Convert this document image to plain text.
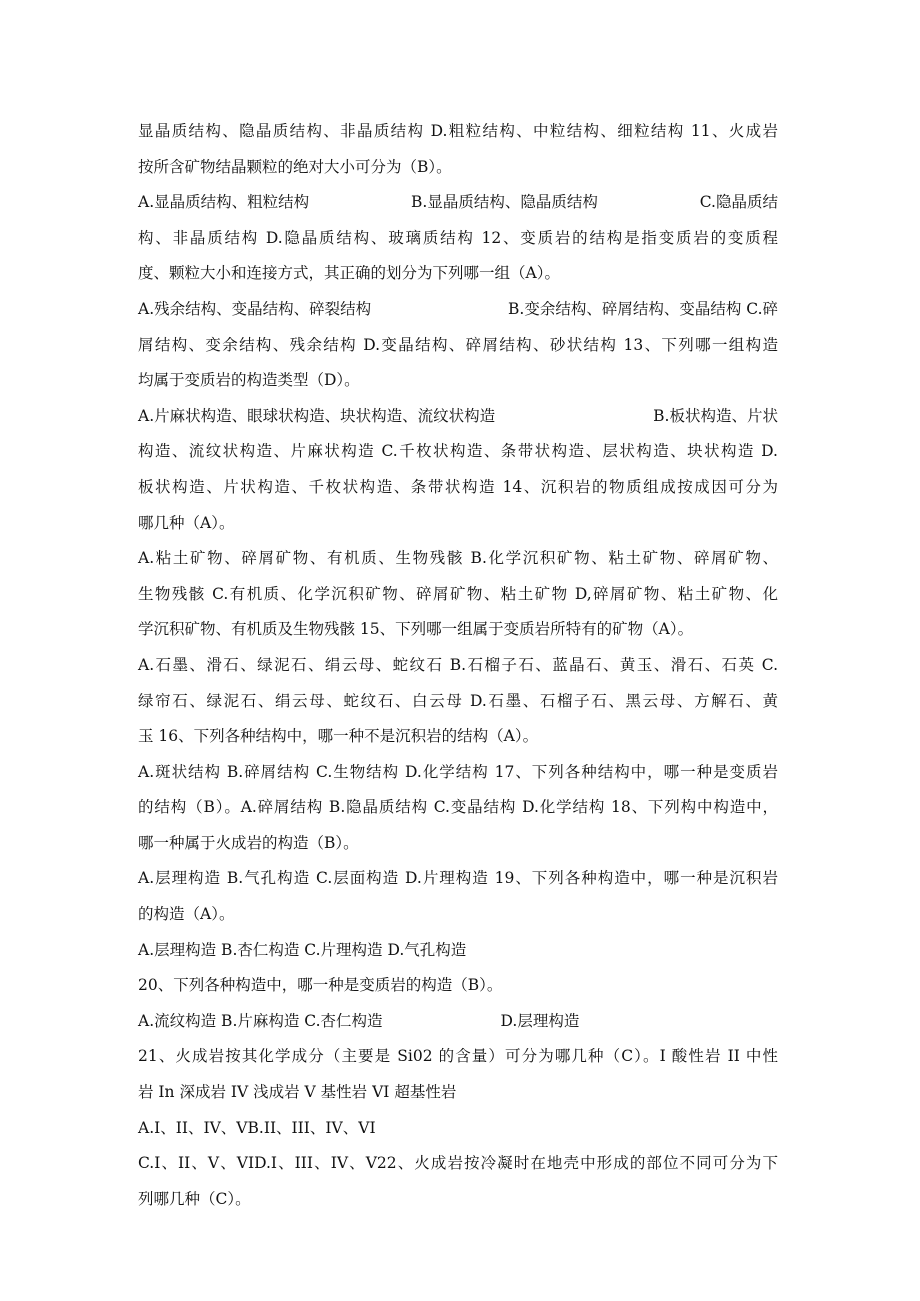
显晶质结构、隐晶质结构、非晶质结构 D.粗粒结构、中粒结构、细粒结构 11、火成岩
按所含矿物结晶颗粒的绝对大小可分为（B）。
A.显晶质结构、粗粒结构	B.显晶质结构、隐晶质结构	C.隐晶质结
构、非晶质结构 D.隐晶质结构、玻璃质结构 12、变质岩的结构是指变质岩的变质程
度、颗粒大小和连接方式，其正确的划分为下列哪一组（A）。
A.残余结构、变晶结构、碎裂结构	B.变余结构、碎屑结构、变晶结构 C.碎
屑结构、变余结构、残余结构 D.变晶结构、碎屑结构、砂状结构 13、下列哪一组构造
均属于变质岩的构造类型（D）。
A.片麻状构造、眼球状构造、块状构造、流纹状构造	B.板状构造、片状
构造、流纹状构造、片麻状构造 C.千枚状构造、条带状构造、层状构造、块状构造 D.
板状构造、片状构造、千枚状构造、条带状构造 14、沉积岩的物质组成按成因可分为
哪几种（A）。
A.粘土矿物、碎屑矿物、有机质、生物残骸 B.化学沉积矿物、粘土矿物、碎屑矿物、
生物残骸 C.有机质、化学沉积矿物、碎屑矿物、粘土矿物 D,碎屑矿物、粘土矿物、化
学沉积矿物、有机质及生物残骸 15、下列哪一组属于变质岩所特有的矿物（A）。
A.石墨、滑石、绿泥石、绢云母、蛇纹石 B.石榴子石、蓝晶石、黄玉、滑石、石英 C.
绿帘石、绿泥石、绢云母、蛇纹石、白云母 D.石墨、石榴子石、黑云母、方解石、黄
玉 16、下列各种结构中，哪一种不是沉积岩的结构（A）。
A.斑状结构 B.碎屑结构 C.生物结构 D.化学结构 17、下列各种结构中，哪一种是变质岩
的结构（B）。A.碎屑结构 B.隐晶质结构 C.变晶结构 D.化学结构 18、下列构中构造中，
哪一种属于火成岩的构造（B）。
A.层理构造 B.气孔构造 C.层面构造 D.片理构造 19、下列各种构造中，哪一种是沉积岩
的构造（A）。
A.层理构造 B.杏仁构造 C.片理构造 D.气孔构造
20、下列各种构造中，哪一种是变质岩的构造（B）。
A.流纹构造 B.片麻构造 C.杏仁构造	D.层理构造
21、火成岩按其化学成分（主要是 Si02 的含量）可分为哪几种（C）。I 酸性岩 II 中性
岩 In 深成岩 IV 浅成岩 V 基性岩 VI 超基性岩
A.I、II、IV、VB.II、III、IV、VI
C.I、II、V、VID.I、III、IV、V22、火成岩按冷凝时在地壳中形成的部位不同可分为下
列哪几种（C）。
